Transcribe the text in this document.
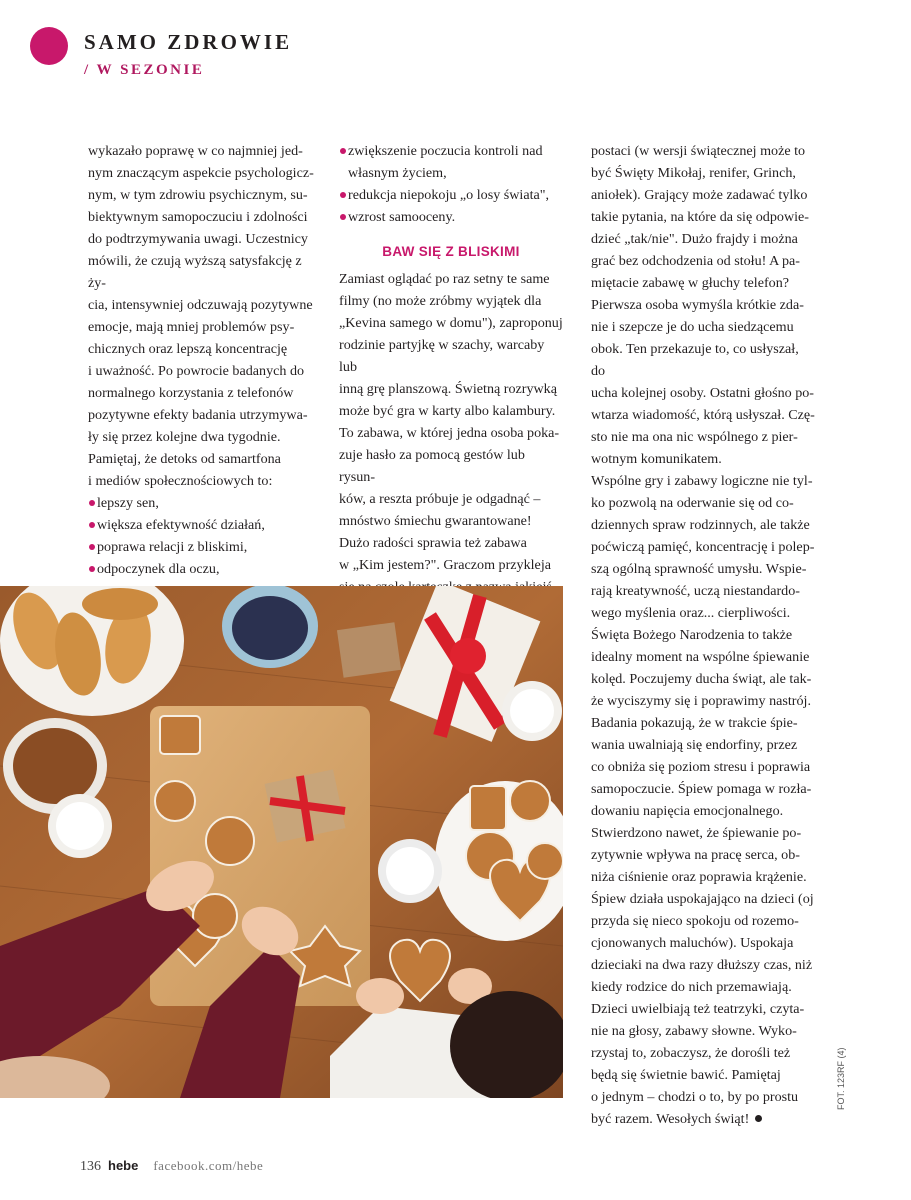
SAMO ZDROWIE
/ W SEZONIE

wykazało poprawę w co najmniej jed-
nym znaczącym aspekcie psychologicz-
nym, w tym zdrowiu psychicznym, su-
biektywnym samopoczuciu i zdolności
do podtrzymywania uwagi. Uczestnicy
mówili, że czują wyższą satysfakcję z ży-
cia, intensywniej odczuwają pozytywne
emocje, mają mniej problemów psy-
chicznych oraz lepszą koncentrację
i uważność. Po powrocie badanych do
normalnego korzystania z telefonów
pozytywne efekty badania utrzymywa-
ły się przez kolejne dwa tygodnie.

Pamiętaj, że detoks od samartfona
i mediów społecznościowych to:

lepszy sen,
większa efektywność działań,
poprawa relacji z bliskimi,
odpoczynek dla oczu,
zwiększenie poczucia kontroli nad
własnym życiem,
redukcja niepokoju „o losy świata",
wzrost samooceny.
BAW SIĘ Z BLISKIMI

Zamiast oglądać po raz setny te same
filmy (no może zróbmy wyjątek dla
„Kevina samego w domu"), zaproponuj
rodzinie partyjkę w szachy, warcaby lub
inną grę planszową. Świetną rozrywką
może być gra w karty albo kalambury.
To zabawa, w której jedna osoba poka-
zuje hasło za pomocą gestów lub rysun-
ków, a reszta próbuje je odgadnąć –
mnóstwo śmiechu gwarantowane!
Dużo radości sprawia też zabawa
w „Kim jestem?". Graczom przykleja

postaci (w wersji świątecznej może to
być Święty Mikołaj, renifer, Grinch,
aniołek). Grający może zadawać tylko
takie pytania, na które da się odpowie-
dzieć „tak/nie". Dużo frajdy i można
grać bez odchodzenia od stołu! A pa-
miętacie zabawę w głuchy telefon?
Pierwsza osoba wymyśla krótkie zda-
nie i szepcze je do ucha siedzącemu
obok. Ten przekazuje to, co usłyszał, do
ucha kolejnej osoby. Ostatni głośno po-
wtarza wiadomość, którą usłyszał. Czę-
sto nie ma ona nic wspólnego z pier-
wotnym komunikatem.

Wspólne gry i zabawy logiczne nie tyl-
ko pozwolą na oderwanie się od co-
dziennych spraw rodzinnych, ale także
poćwiczą pamięć, koncentrację i polep-
szą ogólną sprawność umysłu. Wspie-
rają kreatywność, uczą niestandardo-
wego myślenia oraz... cierpliwości.

Święta Bożego Narodzenia to także
idealny moment na wspólne śpiewanie
kolęd. Poczujemy ducha świąt, ale tak-
że wyciszymy się i poprawimy nastrój.
Badania pokazują, że w trakcie śpie-
wania uwalniają się endorfiny, przez
co obniża się poziom stresu i poprawia
samopoczucie. Śpiew pomaga w rozła-
dowaniu napięcia emocjonalnego.
Stwierdzono nawet, że śpiewanie po-
zytywnie wpływa na pracę serca, ob-
niża ciśnienie oraz poprawia krążenie.
Śpiew działa uspokajająco na dzieci (oj
przyda się nieco spokoju od rozemo-
cjonowanych maluchów). Uspokaja
dzieciaki na dwa razy dłuższy czas, niż
kiedy rodzice do nich przemawiają.
Dzieci uwielbiają też teatrzyki, czyta-
nie na głosy, zabawy słowne. Wyko-
rzystaj to, zobaczysz, że dorośli też
będą się świetnie bawić. Pamiętaj
o jednym – chodzi o to, by po prostu
być razem. Wesołych świąt!

FOT. 123RF (4)
136 hebe facebook.com/hebe
